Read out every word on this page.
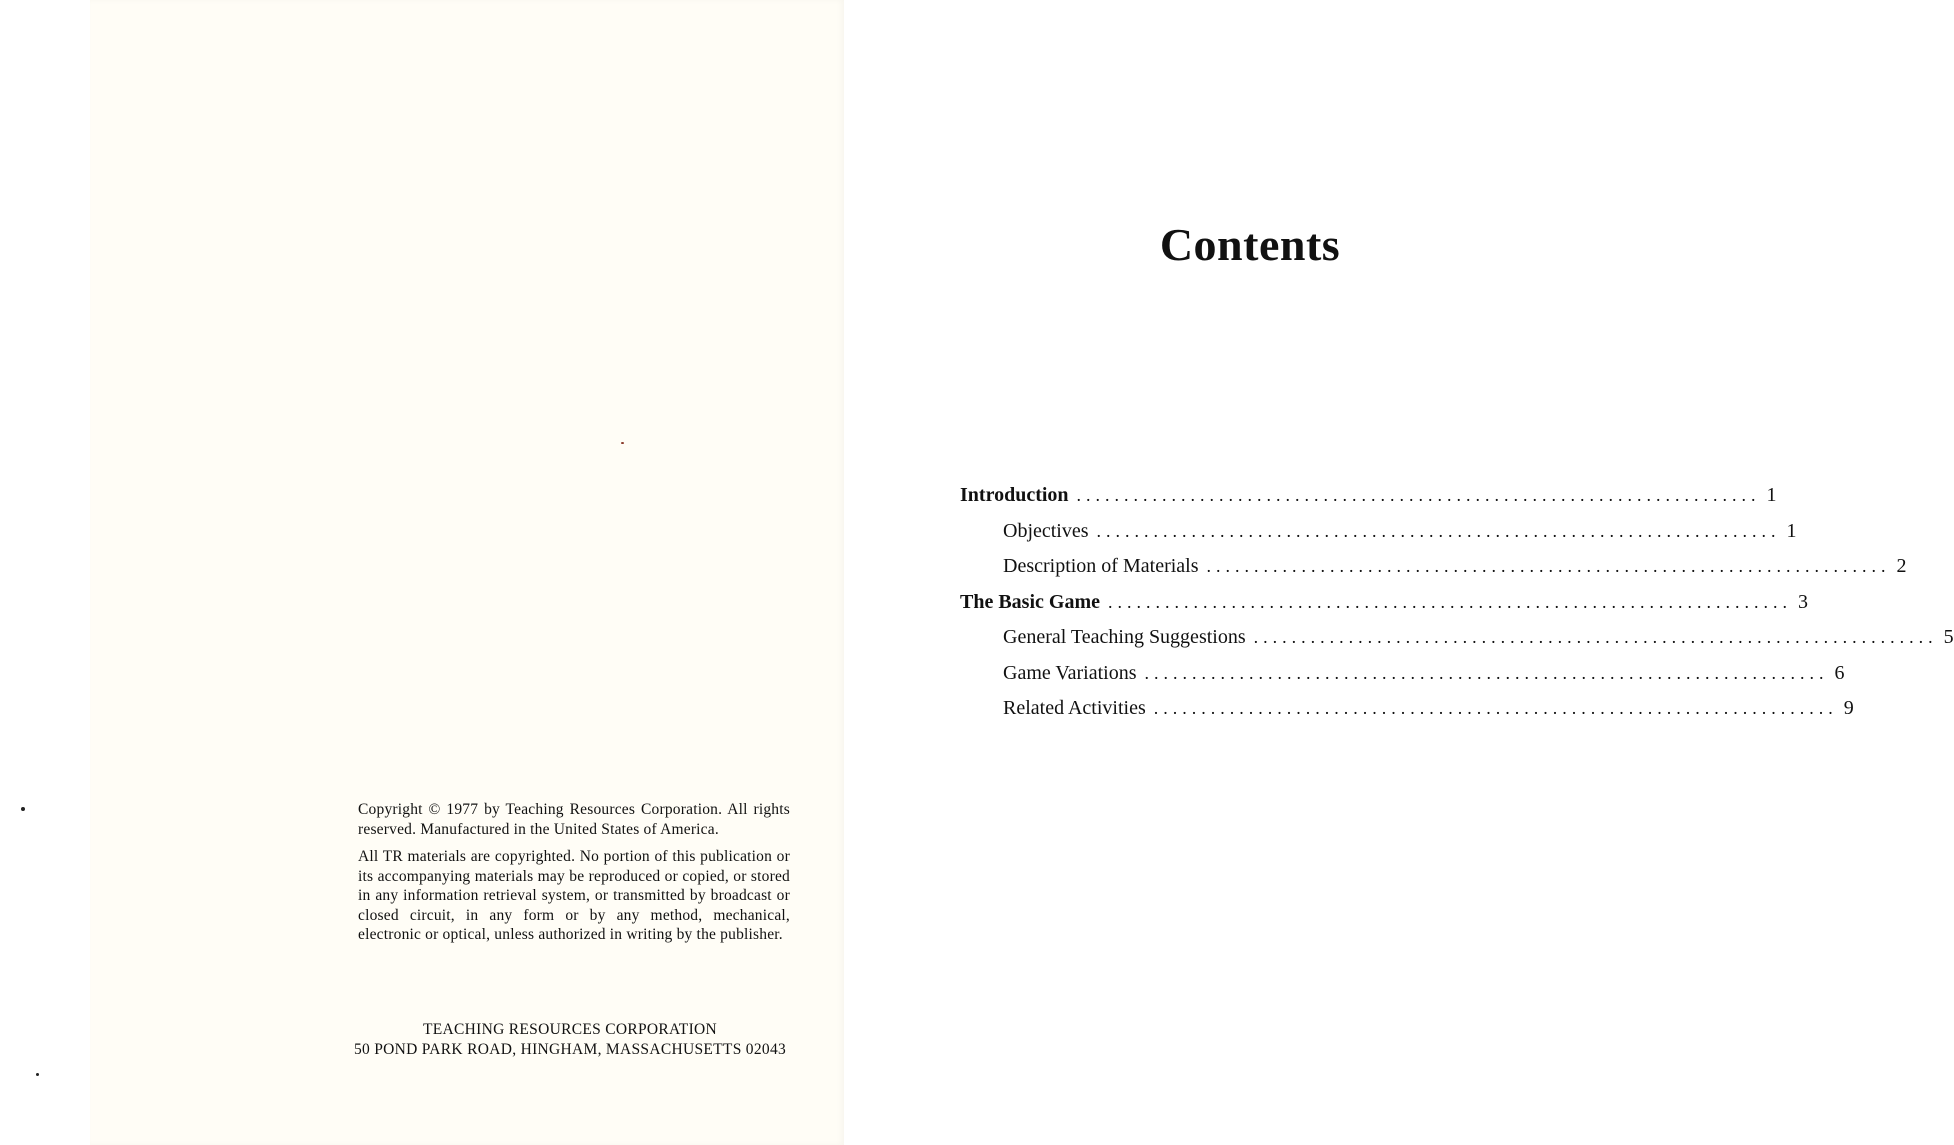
Copyright © 1977 by Teaching Resources Corporation. All rights reserved. Manufactured in the United States of America.

All TR materials are copyrighted. No portion of this publication or its accompanying materials may be reproduced or copied, or stored in any information retrieval system, or transmitted by broadcast or closed circuit, in any form or by any method, mechanical, electronic or optical, unless authorized in writing by the publisher.

TEACHING RESOURCES CORPORATION
50 POND PARK ROAD, HINGHAM, MASSACHUSETTS 02043
Contents
Introduction ........................................................................ 1
Objectives ........................................................................ 1
Description of Materials ........................................................................ 2
The Basic Game ........................................................................ 3
General Teaching Suggestions ........................................................................ 5
Game Variations ........................................................................ 6
Related Activities ........................................................................ 9
